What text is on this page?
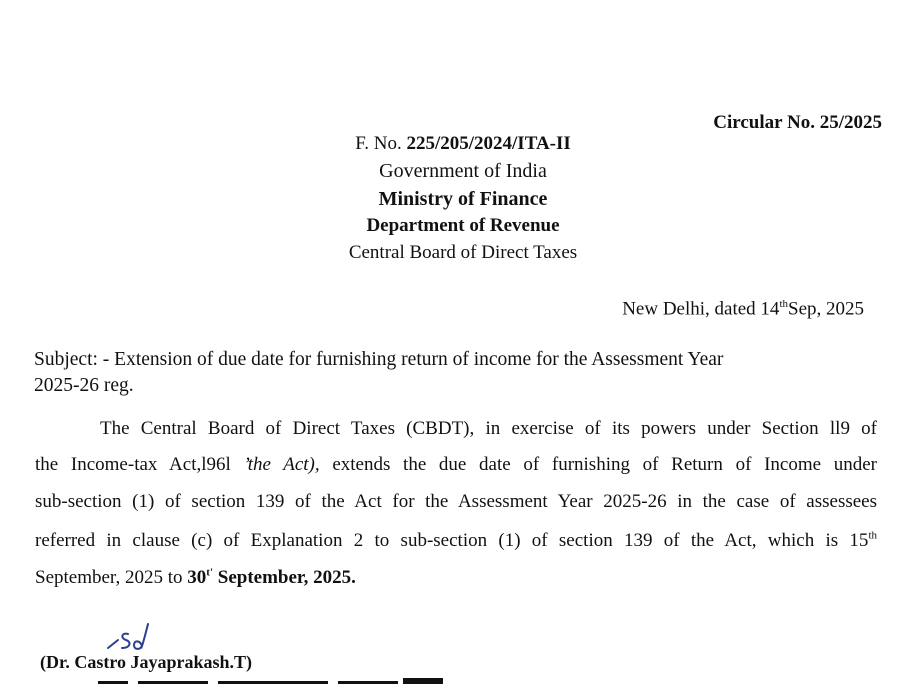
Circular No. 25/2025
F. No. 225/205/2024/ITA-II
Government of India
Ministry of Finance
Department of Revenue
Central Board of Direct Taxes
New Delhi, dated 14thSep, 2025
Subject: - Extension of due date for furnishing return of income for the Assessment Year
2025-26 reg.
The Central Board of Direct Taxes (CBDT), in exercise of its powers under Section ll9 of
the Income-tax Act,l96l ’the Act), extends the due date of furnishing of Return of Income under
sub-section (1) of section 139 of the Act for the Assessment Year 2025-26 in the case of assessees
referred in clause (c) of Explanation 2 to sub-section (1) of section 139 of the Act, which is 15th
September, 2025 to $30^{t'}$ September, 2025.
(Dr. Castro Jayaprakash.T)
